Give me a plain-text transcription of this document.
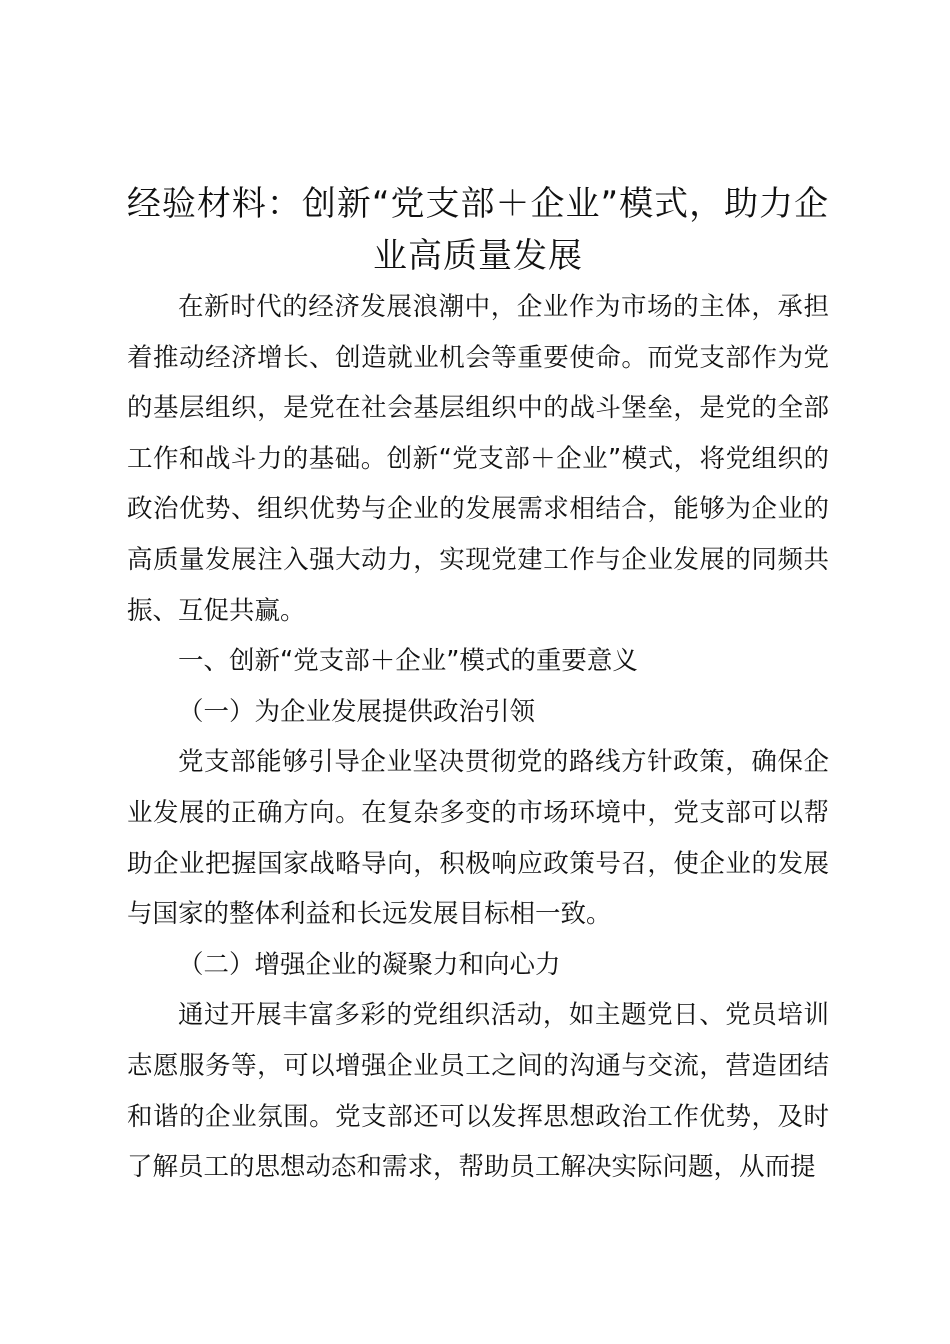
经验材料：创新“党支部＋企业”模式，助力企业高质量发展

在新时代的经济发展浪潮中，企业作为市场的主体，承担着推动经济增长、创造就业机会等重要使命。而党支部作为党的基层组织，是党在社会基层组织中的战斗堡垒，是党的全部工作和战斗力的基础。创新“党支部＋企业”模式，将党组织的政治优势、组织优势与企业的发展需求相结合，能够为企业的高质量发展注入强大动力，实现党建工作与企业发展的同频共振、互促共赢。

一、创新“党支部＋企业”模式的重要意义

（一）为企业发展提供政治引领

党支部能够引导企业坚决贯彻党的路线方针政策，确保企业发展的正确方向。在复杂多变的市场环境中，党支部可以帮助企业把握国家战略导向，积极响应政策号召，使企业的发展与国家的整体利益和长远发展目标相一致。

（二）增强企业的凝聚力和向心力

通过开展丰富多彩的党组织活动，如主题党日、党员培训志愿服务等，可以增强企业员工之间的沟通与交流，营造团结和谐的企业氛围。党支部还可以发挥思想政治工作优势，及时了解员工的思想动态和需求，帮助员工解决实际问题，从而提
